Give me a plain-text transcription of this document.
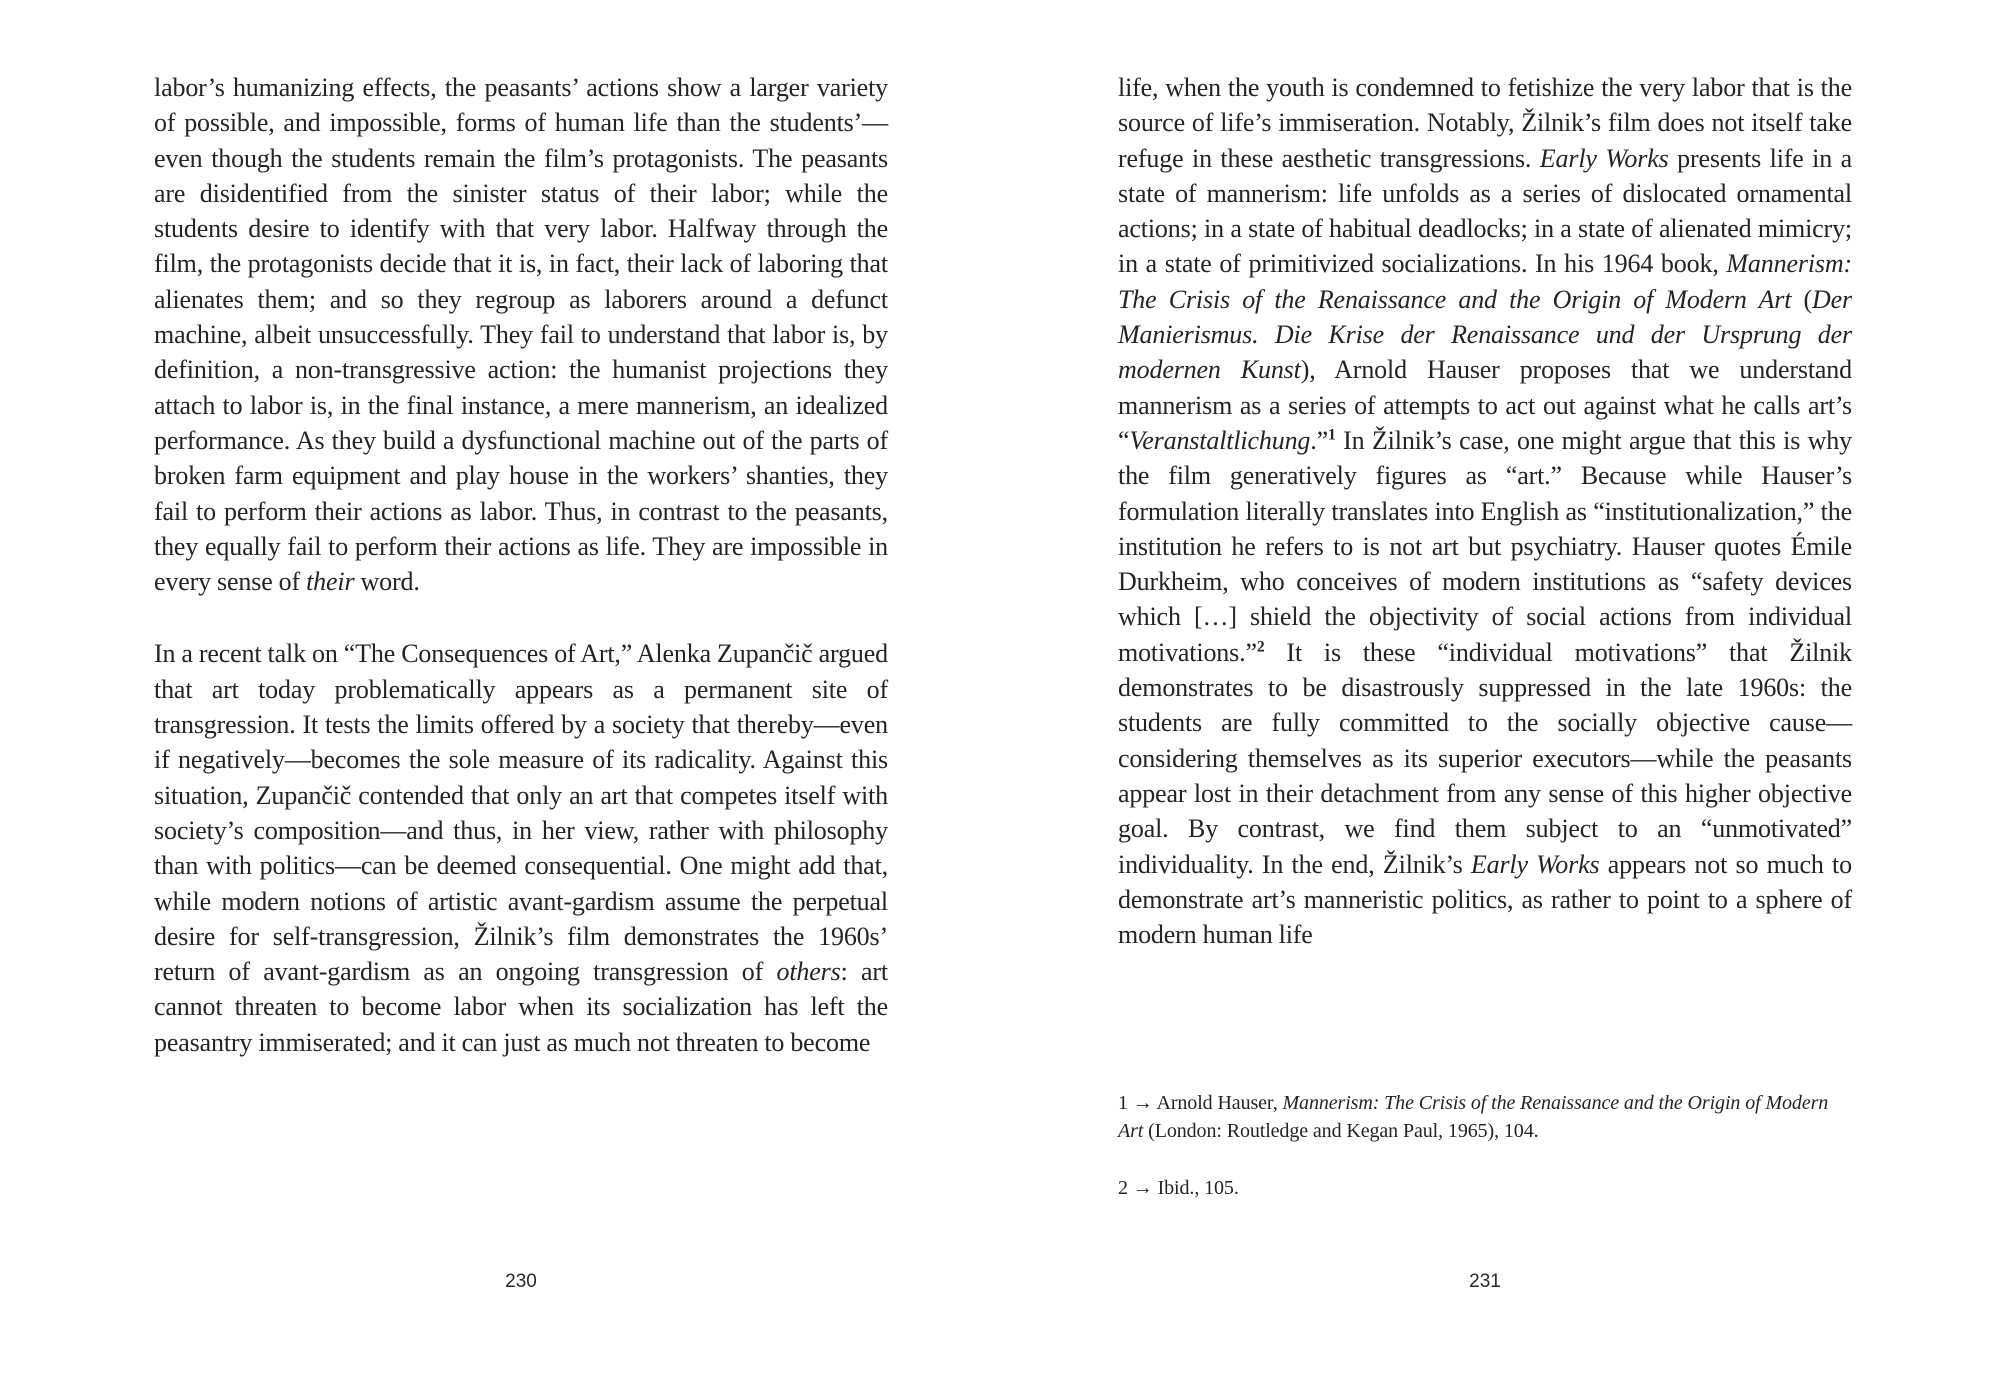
labor’s humanizing effects, the peasants’ actions show a larger variety of possible, and impossible, forms of human life than the students’—even though the students remain the film’s protagonists. The peasants are disidentified from the sinister status of their labor; while the students desire to identify with that very labor. Halfway through the film, the protagonists decide that it is, in fact, their lack of laboring that alienates them; and so they regroup as laborers around a defunct machine, albeit unsuccessfully. They fail to understand that labor is, by definition, a non-transgressive action: the humanist projections they attach to labor is, in the final instance, a mere mannerism, an idealized performance. As they build a dysfunctional machine out of the parts of broken farm equipment and play house in the workers’ shanties, they fail to perform their actions as labor. Thus, in contrast to the peasants, they equally fail to perform their actions as life. They are impossible in every sense of their word.

In a recent talk on “The Consequences of Art,” Alenka Zupančič argued that art today problematically appears as a permanent site of transgression. It tests the limits offered by a society that thereby—even if negatively—becomes the sole measure of its radicality. Against this situation, Zupančič contended that only an art that competes itself with society’s composition—and thus, in her view, rather with philosophy than with politics—can be deemed consequential. One might add that, while modern notions of artistic avant-gardism assume the perpetual desire for self-transgression, Žilnik’s film demonstrates the 1960s’ return of avant-gardism as an ongoing transgression of others: art cannot threaten to become labor when its socialization has left the peasantry immiserated; and it can just as much not threaten to become

230

life, when the youth is condemned to fetishize the very labor that is the source of life’s immiseration. Notably, Žilnik’s film does not itself take refuge in these aesthetic transgressions. Early Works presents life in a state of mannerism: life unfolds as a series of dislocated ornamental actions; in a state of habitual deadlocks; in a state of alienated mimicry; in a state of primitivized socializations. In his 1964 book, Mannerism: The Crisis of the Renaissance and the Origin of Modern Art (Der Manierismus. Die Krise der Renaissance und der Ursprung der modernen Kunst), Arnold Hauser proposes that we understand mannerism as a series of attempts to act out against what he calls art’s “Veranstaltlichung.”$^1$ In Žilnik’s case, one might argue that this is why the film generatively figures as “art.” Because while Hauser’s formulation literally translates into English as “institutionalization,” the institution he refers to is not art but psychiatry. Hauser quotes Émile Durkheim, who conceives of modern institutions as “safety devices which […] shield the objectivity of social actions from individual motivations.”$^2$ It is these “individual motivations” that Žilnik demonstrates to be disastrously suppressed in the late 1960s: the students are fully committed to the socially objective cause—considering themselves as its superior executors—while the peasants appear lost in their detachment from any sense of this higher objective goal. By contrast, we find them subject to an “unmotivated” individuality. In the end, Žilnik’s Early Works appears not so much to demonstrate art’s manneristic politics, as rather to point to a sphere of modern human life

1 → Arnold Hauser, Mannerism: The Crisis of the Renaissance and the Origin of Modern Art (London: Routledge and Kegan Paul, 1965), 104.

2 → Ibid., 105.

231
